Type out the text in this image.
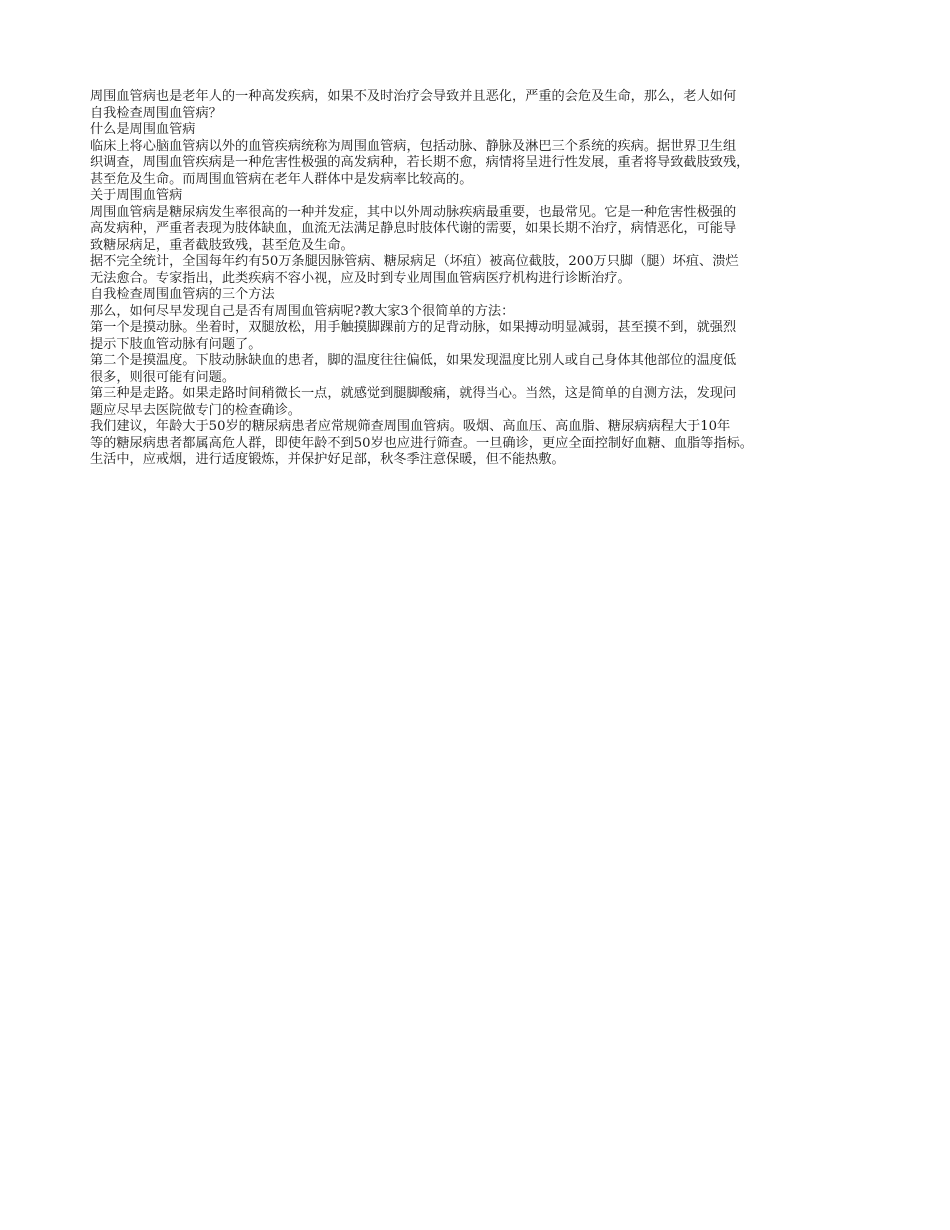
周围血管病也是老年人的一种高发疾病，如果不及时治疗会导致并且恶化，严重的会危及生命，那么，老人如何
自我检查周围血管病？
什么是周围血管病
临床上将心脑血管病以外的血管疾病统称为周围血管病，包括动脉、静脉及淋巴三个系统的疾病。据世界卫生组
织调查，周围血管疾病是一种危害性极强的高发病种，若长期不愈，病情将呈进行性发展，重者将导致截肢致残，
甚至危及生命。而周围血管病在老年人群体中是发病率比较高的。
关于周围血管病
周围血管病是糖尿病发生率很高的一种并发症，其中以外周动脉疾病最重要，也最常见。它是一种危害性极强的
高发病种，严重者表现为肢体缺血，血流无法满足静息时肢体代谢的需要，如果长期不治疗，病情恶化，可能导
致糖尿病足，重者截肢致残，甚至危及生命。
据不完全统计，全国每年约有50万条腿因脉管病、糖尿病足（坏疽）被高位截肢，200万只脚（腿）坏疽、溃烂
无法愈合。专家指出，此类疾病不容小视，应及时到专业周围血管病医疗机构进行诊断治疗。
自我检查周围血管病的三个方法
那么，如何尽早发现自己是否有周围血管病呢?教大家3个很简单的方法：
第一个是摸动脉。坐着时，双腿放松，用手触摸脚踝前方的足背动脉，如果搏动明显减弱，甚至摸不到，就强烈
提示下肢血管动脉有问题了。
第二个是摸温度。下肢动脉缺血的患者，脚的温度往往偏低，如果发现温度比别人或自己身体其他部位的温度低
很多，则很可能有问题。
第三种是走路。如果走路时间稍微长一点，就感觉到腿脚酸痛，就得当心。当然，这是简单的自测方法，发现问
题应尽早去医院做专门的检查确诊。
我们建议，年龄大于50岁的糖尿病患者应常规筛查周围血管病。吸烟、高血压、高血脂、糖尿病病程大于10年
等的糖尿病患者都属高危人群，即使年龄不到50岁也应进行筛查。一旦确诊，更应全面控制好血糖、血脂等指标。
生活中，应戒烟，进行适度锻炼，并保护好足部，秋冬季注意保暖，但不能热敷。
